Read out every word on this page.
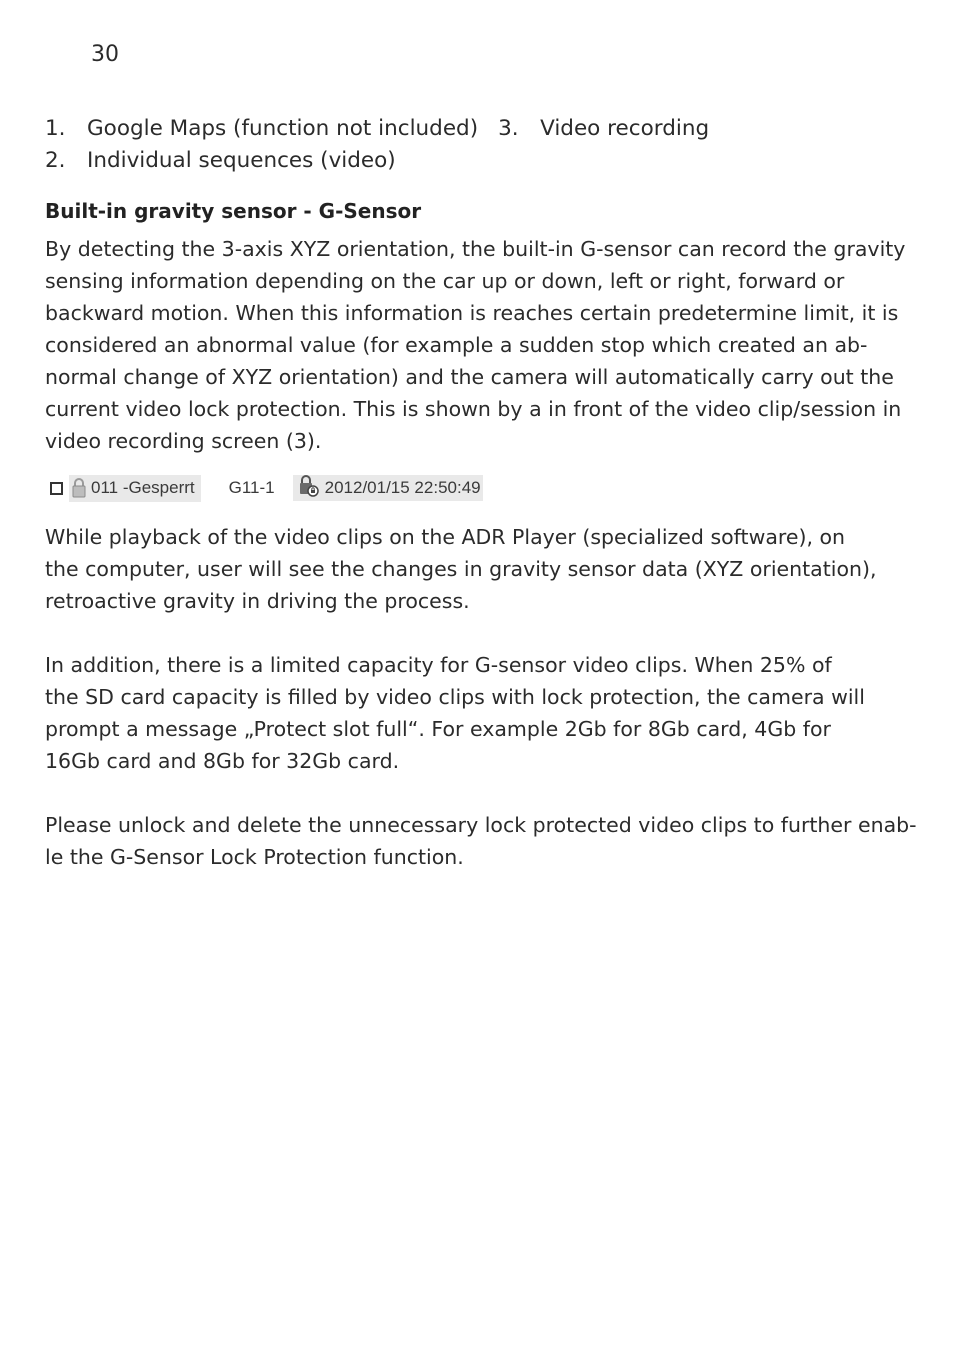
30
1. Google Maps (function not included) 3. Video recording
2. Individual sequences (video)
Built-in gravity sensor - G-Sensor

By detecting the 3-axis XYZ orientation, the built-in G-sensor can record the gravity
sensing information depending on the car up or down, left or right, forward or
backward motion. When this information is reaches certain predetermine limit, it is
considered an abnormal value (for example a sudden stop which created an ab-
normal change of XYZ orientation) and the camera will automatically carry out the
current video lock protection. This is shown by a in front of the video clip/session in
video recording screen (3).

011 -Gesperrt G11-1	2012/01/15 22:50:49

While playback of the video clips on the ADR Player (specialized software), on
the computer, user will see the changes in gravity sensor data (XYZ orientation),
retroactive gravity in driving the process.

In addition, there is a limited capacity for G-sensor video clips. When 25% of
the SD card capacity is filled by video clips with lock protection, the camera will
prompt a message „Protect slot full“. For example 2Gb for 8Gb card, 4Gb for
16Gb card and 8Gb for 32Gb card.

Please unlock and delete the unnecessary lock protected video clips to further enab-
le the G-Sensor Lock Protection function.
